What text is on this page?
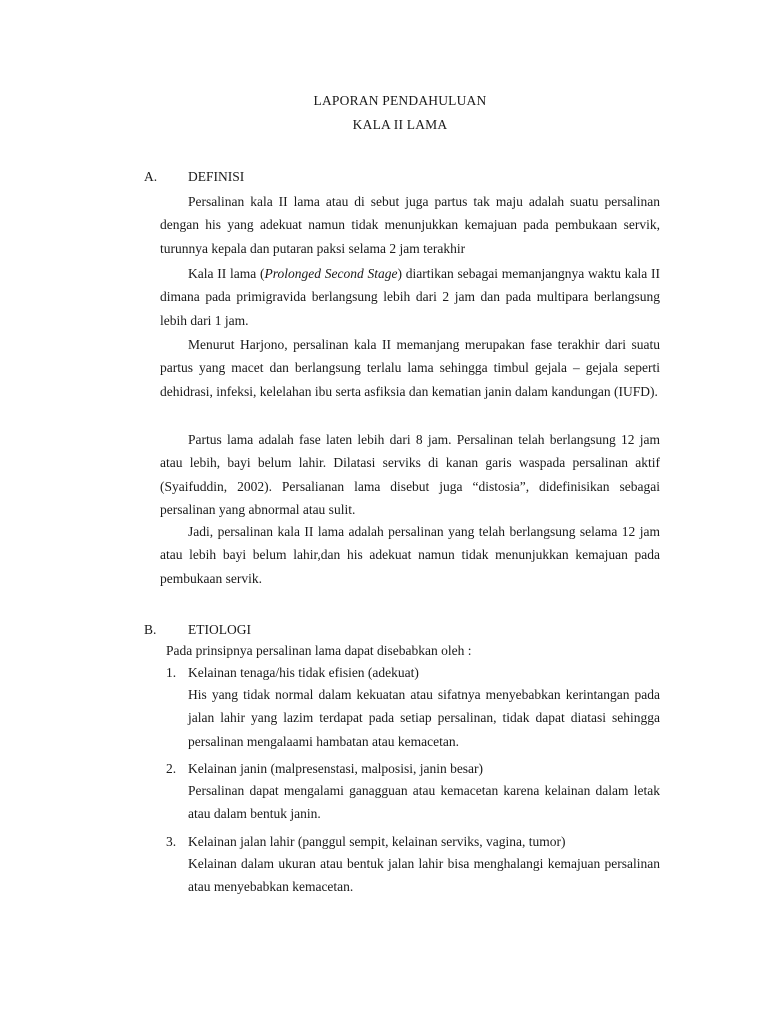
LAPORAN PENDAHULUAN
KALA II LAMA
A. DEFINISI

Persalinan kala II lama atau di sebut juga partus tak maju adalah suatu persalinan dengan his yang adekuat namun tidak menunjukkan kemajuan pada pembukaan servik, turunnya kepala dan putaran paksi selama 2 jam terakhir

Kala II lama (Prolonged Second Stage) diartikan sebagai memanjangnya waktu kala II dimana pada primigravida berlangsung lebih dari 2 jam dan pada multipara berlangsung lebih dari 1 jam.

Menurut Harjono, persalinan kala II memanjang merupakan fase terakhir dari suatu partus yang macet dan berlangsung terlalu lama sehingga timbul gejala – gejala seperti dehidrasi, infeksi, kelelahan ibu serta asfiksia dan kematian janin dalam kandungan (IUFD).

Partus lama adalah fase laten lebih dari 8 jam. Persalinan telah berlangsung 12 jam atau lebih, bayi belum lahir. Dilatasi serviks di kanan garis waspada persalinan aktif (Syaifuddin, 2002). Persalianan lama disebut juga “distosia”, didefinisikan sebagai persalinan yang abnormal atau sulit.

Jadi, persalinan kala II lama adalah persalinan yang telah berlangsung selama 12 jam atau lebih bayi belum lahir,dan his adekuat namun tidak menunjukkan kemajuan pada pembukaan servik.

B. ETIOLOGI

Pada prinsipnya persalinan lama dapat disebabkan oleh :

1. Kelainan tenaga/his tidak efisien (adekuat)

His yang tidak normal dalam kekuatan atau sifatnya menyebabkan kerintangan pada jalan lahir yang lazim terdapat pada setiap persalinan, tidak dapat diatasi sehingga persalinan mengalaami hambatan atau kemacetan.

2. Kelainan janin (malpresenstasi, malposisi, janin besar)

Persalinan dapat mengalami ganagguan atau kemacetan karena kelainan dalam letak atau dalam bentuk janin.

3. Kelainan jalan lahir (panggul sempit, kelainan serviks, vagina, tumor)

Kelainan dalam ukuran atau bentuk jalan lahir bisa menghalangi kemajuan persalinan atau menyebabkan kemacetan.
